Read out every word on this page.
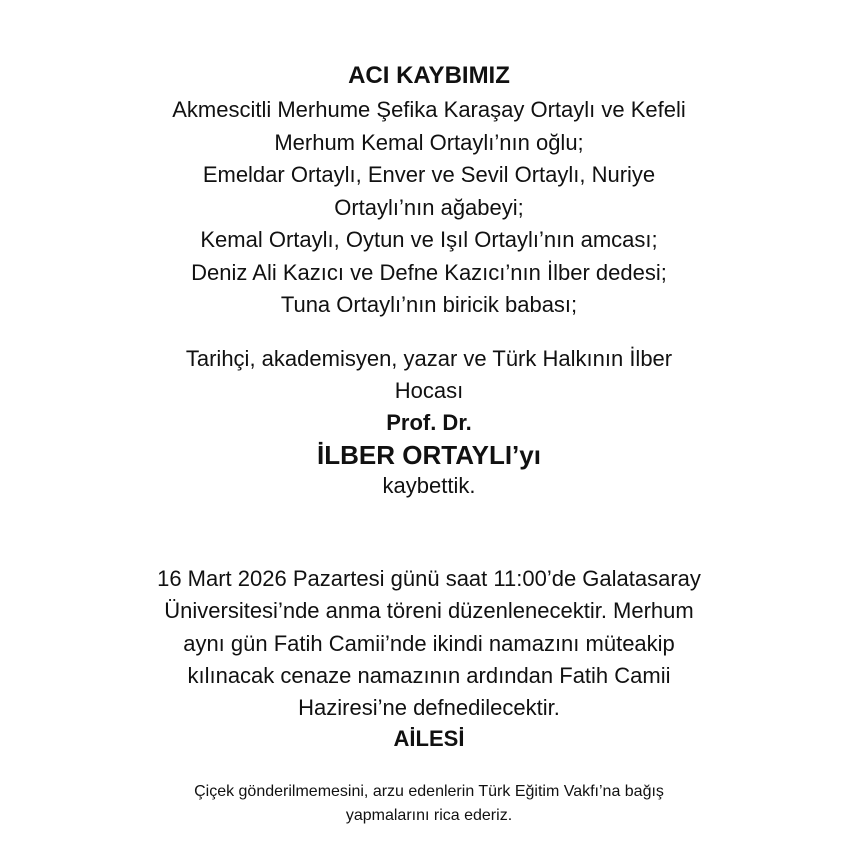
ACI KAYBIMIZ
Akmescitli Merhume Şefika Karaşay Ortaylı ve Kefeli
Merhum Kemal Ortaylı’nın oğlu;
Emeldar Ortaylı, Enver ve Sevil Ortaylı, Nuriye
Ortaylı’nın ağabeyi;
Kemal Ortaylı, Oytun ve Işıl Ortaylı’nın amcası;
Deniz Ali Kazıcı ve Defne Kazıcı’nın İlber dedesi;
Tuna Ortaylı’nın biricik babası;
Tarihçi, akademisyen, yazar ve Türk Halkının İlber
Hocası
Prof. Dr.
İLBER ORTAYLI’yı
kaybettik.
16 Mart 2026 Pazartesi günü saat 11:00’de Galatasaray
Üniversitesi’nde anma töreni düzenlenecektir. Merhum
aynı gün Fatih Camii’nde ikindi namazını müteakip
kılınacak cenaze namazının ardından Fatih Camii
Haziresi’ne defnedilecektir.
AİLESİ
Çiçek gönderilmemesini, arzu edenlerin Türk Eğitim Vakfı’na bağış
yapmalarını rica ederiz.
